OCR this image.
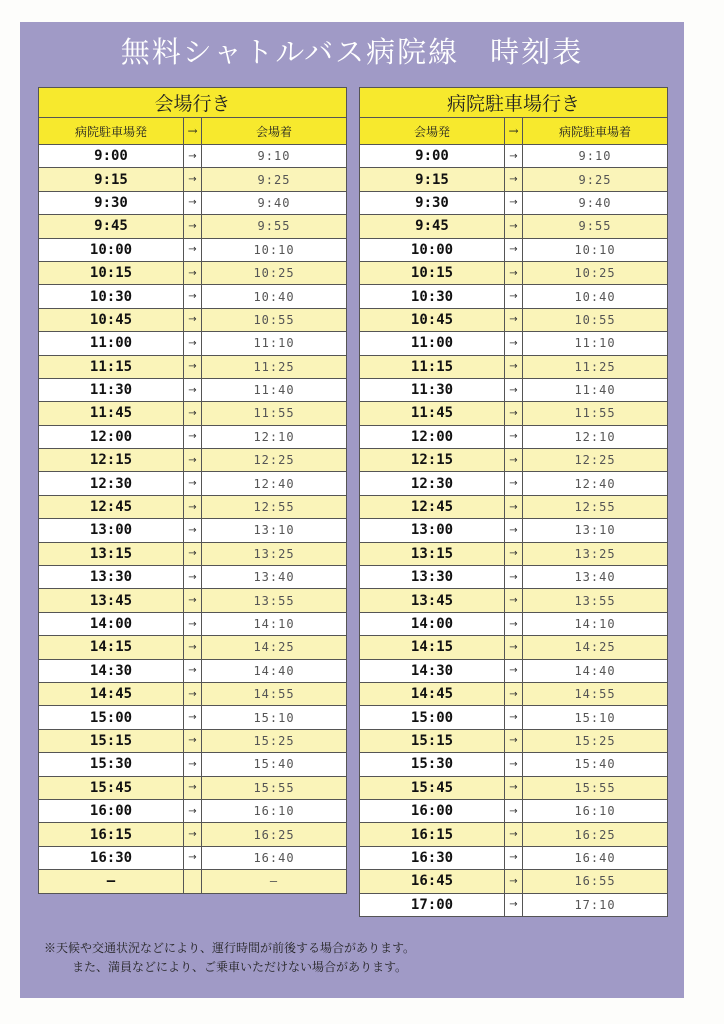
無料シャトルバス病院線　時刻表
会場行き		
病院駐車場発	→	会場着
9:00	→	9:10
9:15	→	9:25
9:30	→	9:40
9:45	→	9:55
10:00	→	10:10
10:15	→	10:25
10:30	→	10:40
10:45	→	10:55
11:00	→	11:10
11:15	→	11:25
11:30	→	11:40
11:45	→	11:55
12:00	→	12:10
12:15	→	12:25
12:30	→	12:40
12:45	→	12:55
13:00	→	13:10
13:15	→	13:25
13:30	→	13:40
13:45	→	13:55
14:00	→	14:10
14:15	→	14:25
14:30	→	14:40
14:45	→	14:55
15:00	→	15:10
15:15	→	15:25
15:30	→	15:40
15:45	→	15:55
16:00	→	16:10
16:15	→	16:25
16:30	→	16:40
—		—
病院駐車場行き		
会場発	→	病院駐車場着
9:00	→	9:10
9:15	→	9:25
9:30	→	9:40
9:45	→	9:55
10:00	→	10:10
10:15	→	10:25
10:30	→	10:40
10:45	→	10:55
11:00	→	11:10
11:15	→	11:25
11:30	→	11:40
11:45	→	11:55
12:00	→	12:10
12:15	→	12:25
12:30	→	12:40
12:45	→	12:55
13:00	→	13:10
13:15	→	13:25
13:30	→	13:40
13:45	→	13:55
14:00	→	14:10
14:15	→	14:25
14:30	→	14:40
14:45	→	14:55
15:00	→	15:10
15:15	→	15:25
15:30	→	15:40
15:45	→	15:55
16:00	→	16:10
16:15	→	16:25
16:30	→	16:40
16:45	→	16:55
17:00	→	17:10
※天候や交通状況などにより、運行時間が前後する場合があります。
また、満員などにより、ご乗車いただけない場合があります。
